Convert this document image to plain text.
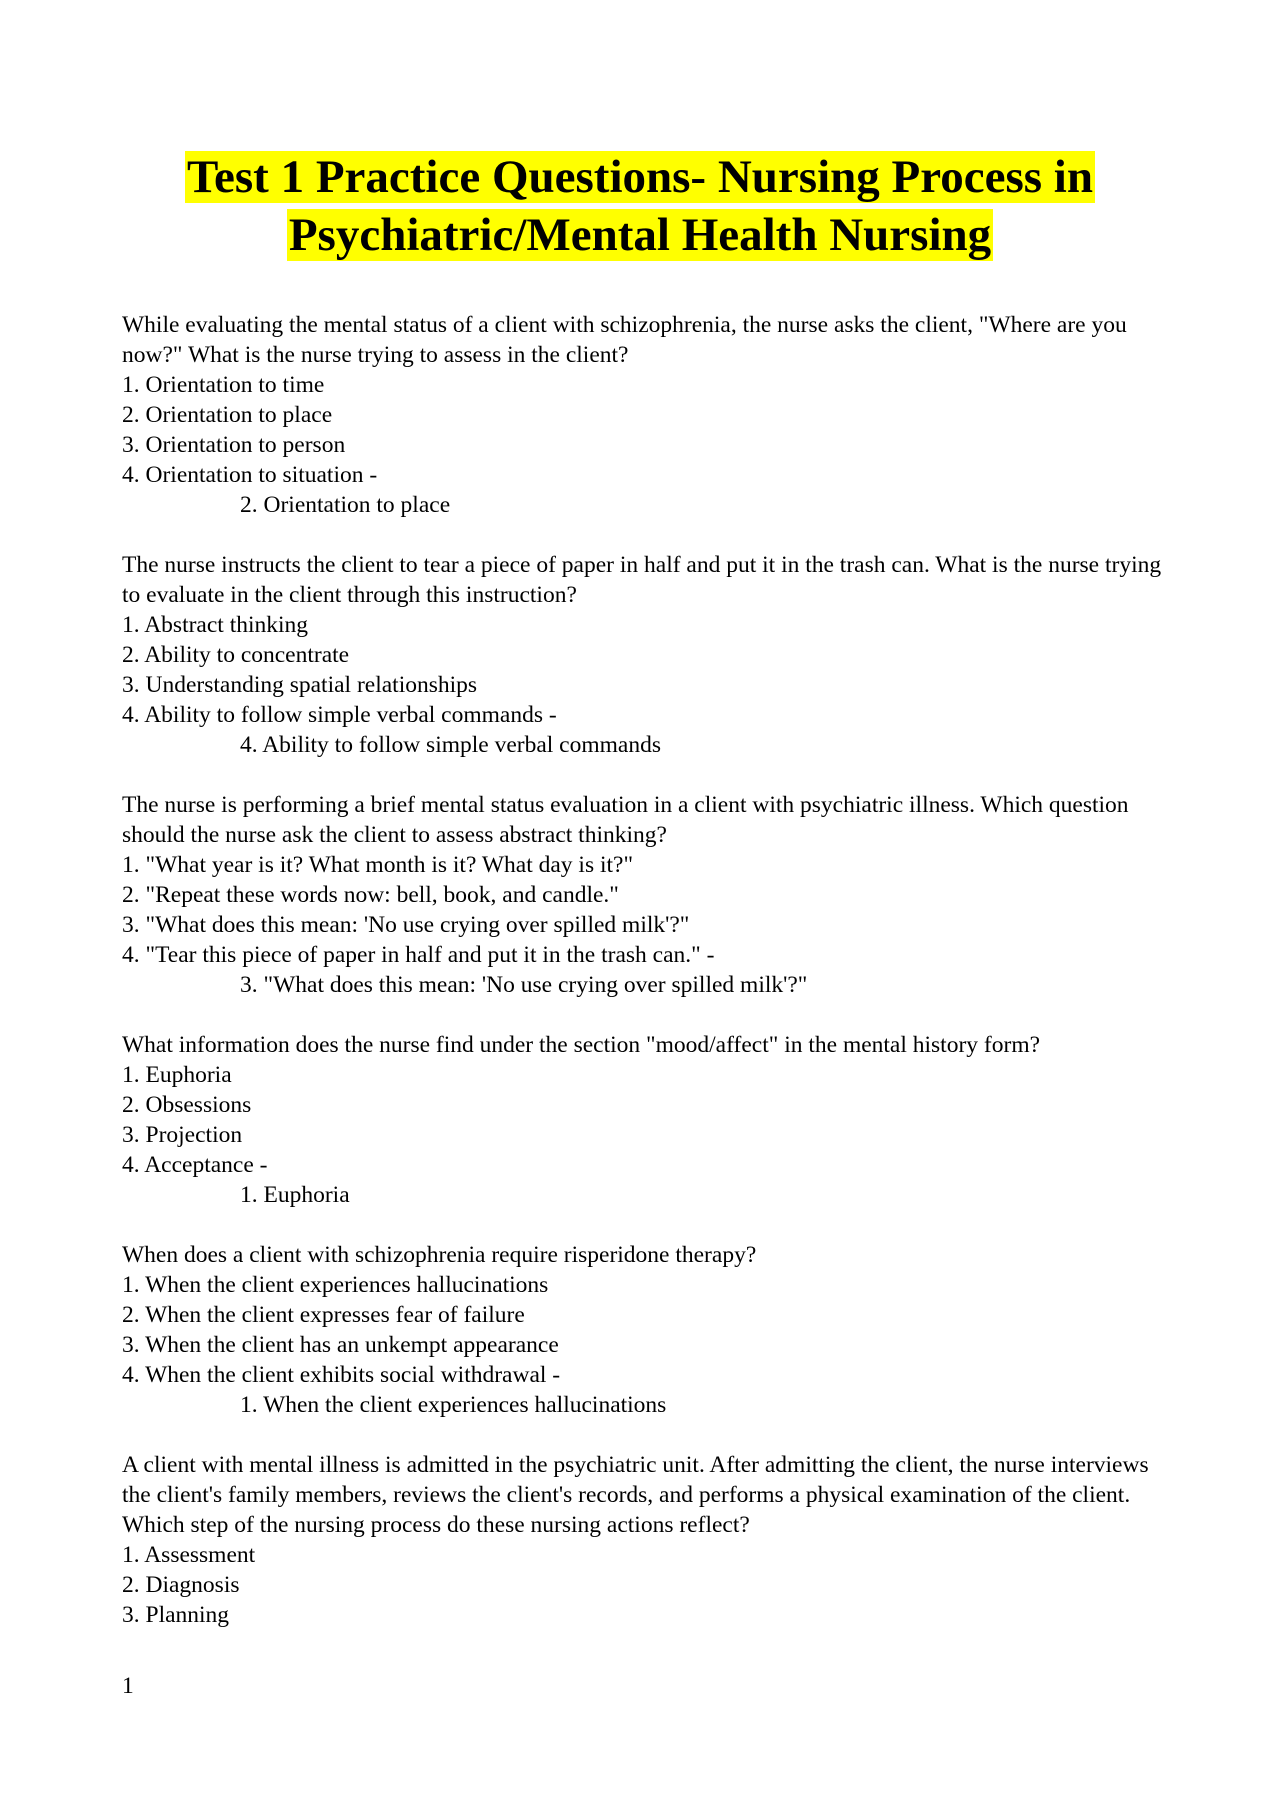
Test 1 Practice Questions- Nursing Process in
Psychiatric/Mental Health Nursing
While evaluating the mental status of a client with schizophrenia, the nurse asks the client, "Where are you now?" What is the nurse trying to assess in the client?
1. Orientation to time
2. Orientation to place
3. Orientation to person
4. Orientation to situation -
2. Orientation to place
The nurse instructs the client to tear a piece of paper in half and put it in the trash can. What is the nurse trying to evaluate in the client through this instruction?
1. Abstract thinking
2. Ability to concentrate
3. Understanding spatial relationships
4. Ability to follow simple verbal commands -
4. Ability to follow simple verbal commands
The nurse is performing a brief mental status evaluation in a client with psychiatric illness. Which question should the nurse ask the client to assess abstract thinking?
1. "What year is it? What month is it? What day is it?"
2. "Repeat these words now: bell, book, and candle."
3. "What does this mean: 'No use crying over spilled milk'?"
4. "Tear this piece of paper in half and put it in the trash can." -
3. "What does this mean: 'No use crying over spilled milk'?"
What information does the nurse find under the section "mood/affect" in the mental history form?
1. Euphoria
2. Obsessions
3. Projection
4. Acceptance -
1. Euphoria
When does a client with schizophrenia require risperidone therapy?
1. When the client experiences hallucinations
2. When the client expresses fear of failure
3. When the client has an unkempt appearance
4. When the client exhibits social withdrawal -
1. When the client experiences hallucinations
A client with mental illness is admitted in the psychiatric unit. After admitting the client, the nurse interviews the client's family members, reviews the client's records, and performs a physical examination of the client. Which step of the nursing process do these nursing actions reflect?
1. Assessment
2. Diagnosis
3. Planning
1
